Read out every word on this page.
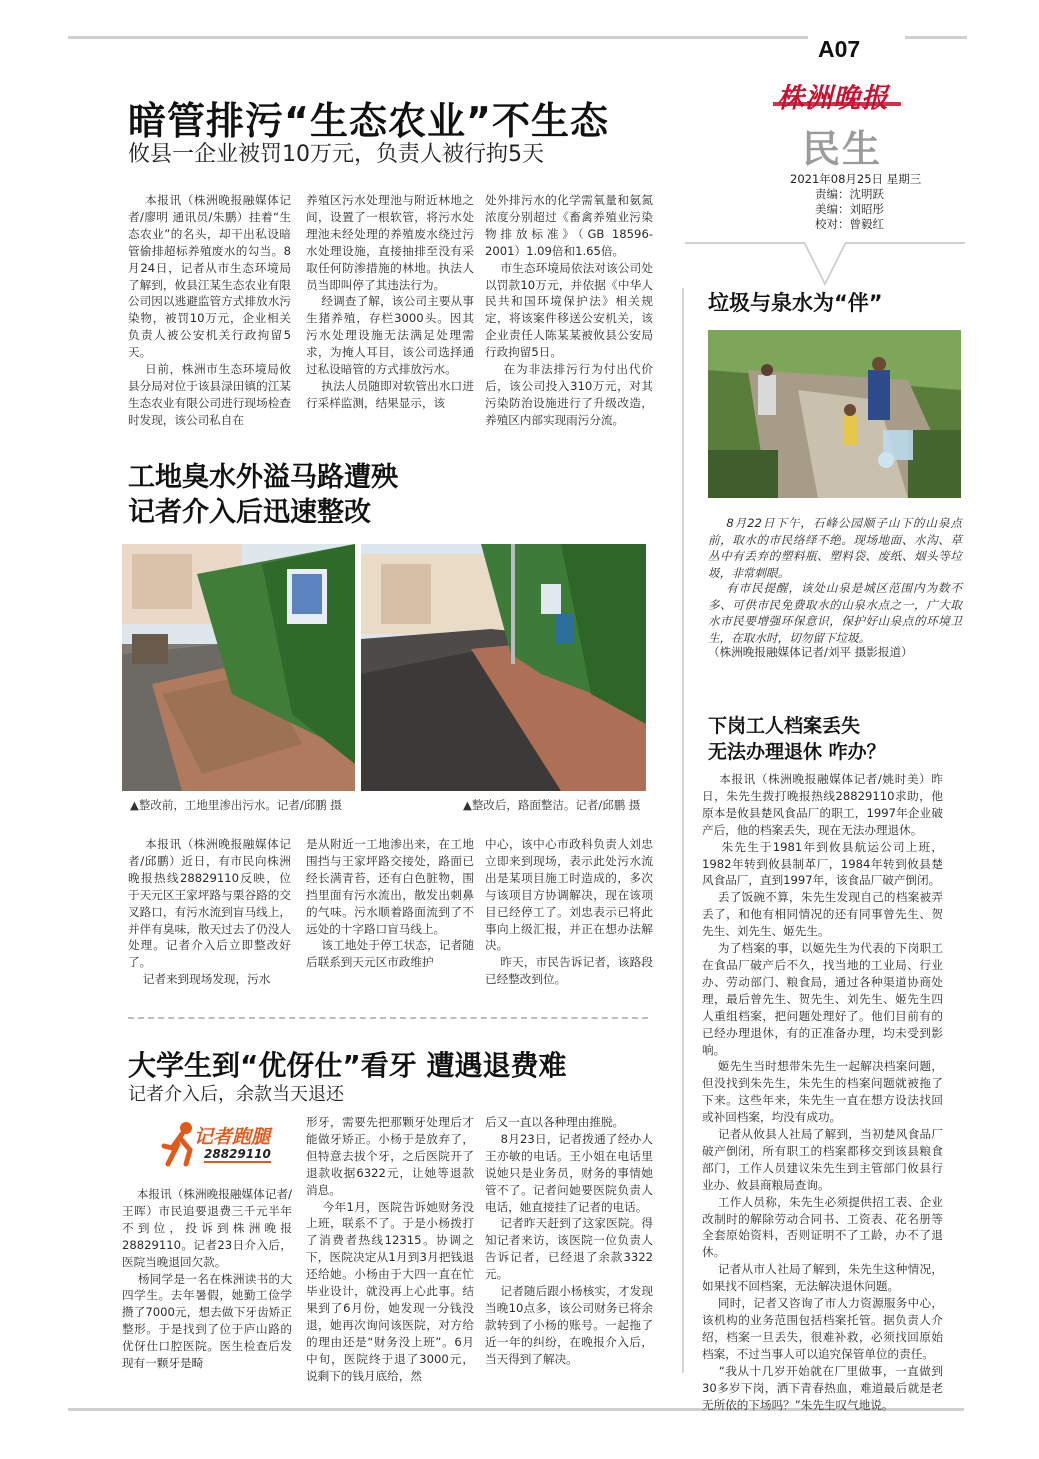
A07
株洲晚报
民生
2021年08月25日 星期三
责编：沈明跃
美编：刘昭彤
校对：曾毅红
暗管排污“生态农业”不生态
攸县一企业被罚10万元，负责人被行拘5天
本报讯（株洲晚报融媒体记者/廖明 通讯员/朱鹏）挂着“生态农业”的名头，却干出私设暗管偷排超标养殖废水的勾当。8月24日，记者从市生态环境局了解到，攸县江某生态农业有限公司因以逃避监管方式排放水污染物，被罚10万元，企业相关负责人被公安机关行政拘留5天。
日前，株洲市生态环境局攸县分局对位于该县渌田镇的江某生态农业有限公司进行现场检查时发现，该公司私自在
养殖区污水处理池与附近林地之间，设置了一根软管，将污水处理池未经处理的养殖废水绕过污水处理设施，直接抽排至没有采取任何防渗措施的林地。执法人员当即叫停了其违法行为。
经调查了解，该公司主要从事生猪养殖，存栏3000头。因其污水处理设施无法满足处理需求，为掩人耳目，该公司选择通过私设暗管的方式排放污水。
执法人员随即对软管出水口进行采样监测，结果显示，该
处外排污水的化学需氧量和氨氮浓度分别超过《畜禽养殖业污染物排放标准》（GB 18596-2001）1.09倍和1.65倍。
市生态环境局依法对该公司处以罚款10万元，并依据《中华人民共和国环境保护法》相关规定，将该案件移送公安机关，该企业责任人陈某某被攸县公安局行政拘留5日。
在为非法排污行为付出代价后，该公司投入310万元，对其污染防治设施进行了升级改造，养殖区内部实现雨污分流。
工地臭水外溢马路遭殃
记者介入后迅速整改
▲整改前，工地里渗出污水。记者/邱鹏 摄	▲整改后，路面整洁。记者/邱鹏 摄
本报讯（株洲晚报融媒体记者/邱鹏）近日，有市民向株洲晚报热线28829110反映，位于天元区王家坪路与栗谷路的交叉路口，有污水流到盲马线上，并伴有臭味，散天过去了仍没人处理。记者介入后立即整改好了。
记者来到现场发现，污水
是从附近一工地渗出来，在工地围挡与王家坪路交接处，路面已经长满青苔，还有白色脏物，围挡里面有污水流出，散发出刺鼻的气味。污水顺着路面流到了不远处的十字路口盲马线上。
该工地处于停工状态，记者随后联系到天元区市政维护
中心，该中心市政科负责人刘忠立即来到现场，表示此处污水流出是某项目施工时造成的，多次与该项目方协调解决，现在该项目已经停工了。刘忠表示已将此事向上级汇报，并正在想办法解决。
昨天，市民告诉记者，该路段已经整改到位。
大学生到“优伢仕”看牙 遭遇退费难
记者介入后，余款当天退还
记者跑腿
28829110
本报讯（株洲晚报融媒体记者/王晖）市民追要退费三千元半年不到位，投诉到株洲晚报28829110。记者23日介入后，医院当晚退回欠款。
杨同学是一名在株洲读书的大四学生。去年暑假，她勤工俭学攒了7000元，想去做下牙齿矫正整形。于是找到了位于庐山路的优伢仕口腔医院。医生检查后发现有一颗牙是畸
形牙，需要先把那颗牙处理后才能做牙矫正。小杨于是放弃了，但特意去拔个牙，之后医院开了退款收据6322元，让她等退款消息。
今年1月，医院告诉她财务没上班，联系不了。于是小杨拨打了消费者热线12315。协调之下，医院决定从1月到3月把钱退还给她。小杨由于大四一直在忙毕业设计，就没再上心此事。结果到了6月份，她发现一分钱没退，她再次询问该医院，对方给的理由还是“财务没上班”。6月中旬，医院终于退了3000元，说剩下的钱月底给，然
后又一直以各种理由推脱。
8月23日，记者拨通了经办人王亦敏的电话。王小姐在电话里说她只是业务员，财务的事情她管不了。记者问她要医院负责人电话，她直接挂了记者的电话。
记者昨天赶到了这家医院。得知记者来访，该医院一位负责人告诉记者，已经退了余款3322元。
记者随后跟小杨核实，才发现当晚10点多，该公司财务已将余款转到了小杨的账号。一起拖了近一年的纠纷，在晚报介入后，当天得到了解决。
垃圾与泉水为“伴”
8月22日下午，石峰公园顺子山下的山泉点前，取水的市民络绎不绝。现场地面、水沟、草丛中有丢弃的塑料瓶、塑料袋、废纸、烟头等垃圾，非常刺眼。
有市民提醒，该处山泉是城区范围内为数不多、可供市民免费取水的山泉水点之一，广大取水市民要增强环保意识，保护好山泉点的环境卫生，在取水时，切勿留下垃圾。
（株洲晚报融媒体记者/刘平 摄影报道）
下岗工人档案丢失
无法办理退休 咋办？
本报讯（株洲晚报融媒体记者/姚时美）昨日，朱先生拨打晚报热线28829110求助，他原本是攸县楚风食品厂的职工，1997年企业破产后，他的档案丢失，现在无法办理退休。
朱先生于1981年到攸县航运公司上班，1982年转到攸县制革厂，1984年转到攸县楚风食品厂，直到1997年，该食品厂破产倒闭。
丢了饭碗不算，朱先生发现自己的档案被弄丢了，和他有相同情况的还有同事曾先生、贺先生、刘先生、姬先生。
为了档案的事，以姬先生为代表的下岗职工在食品厂破产后不久，找当地的工业局、行业办、劳动部门、粮食局，通过各种渠道协商处理，最后曾先生、贺先生、刘先生、姬先生四人重组档案，把问题处理好了。他们目前有的已经办理退休，有的正准备办理，均未受到影响。
姬先生当时想带朱先生一起解决档案问题，但没找到朱先生，朱先生的档案问题就被拖了下来。这些年来，朱先生一直在想方设法找回或补回档案，均没有成功。
记者从攸县人社局了解到，当初楚风食品厂破产倒闭，所有职工的档案都移交到该县粮食部门，工作人员建议朱先生到主管部门攸县行业办、攸县商粮局查询。
工作人员称，朱先生必须提供招工表、企业改制时的解除劳动合同书、工资表、花名册等全套原始资料，否则证明不了工龄，办不了退休。
记者从市人社局了解到，朱先生这种情况，如果找不回档案，无法解决退休问题。
同时，记者又咨询了市人力资源服务中心，该机构的业务范围包括档案托管。据负责人介绍，档案一旦丢失，很难补救，必须找回原始档案，不过当事人可以追究保管单位的责任。
“我从十几岁开始就在厂里做事，一直做到30多岁下岗，洒下青春热血，难道最后就是老无所依的下场吗？”朱先生叹气地说。
